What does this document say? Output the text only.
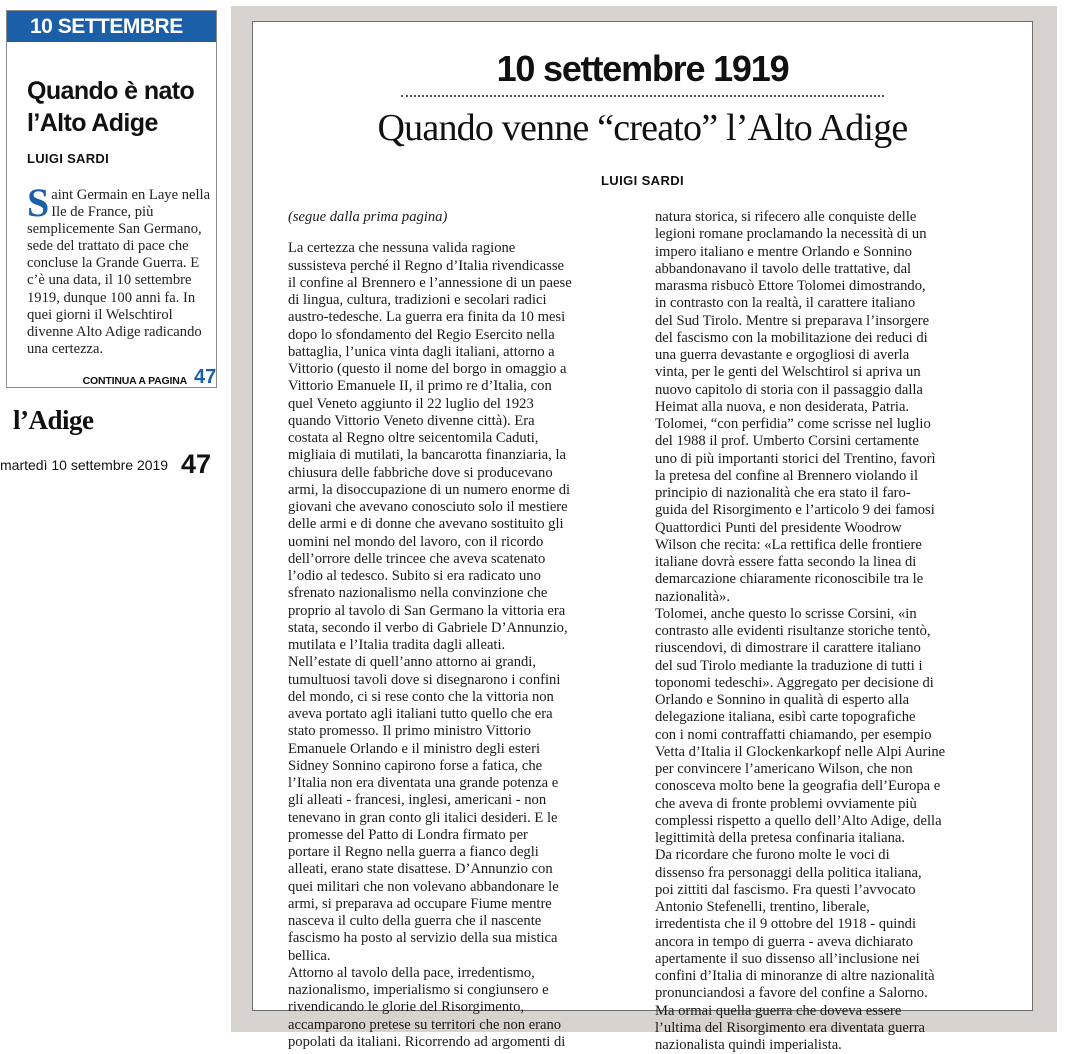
10 SETTEMBRE 1919
Quando è nato l’Alto Adige
LUIGI SARDI

Saint Germain en Laye nella Ile de France, più semplicemente San Germano, sede del trattato di pace che concluse la Grande Guerra. E c’è una data, il 10 settembre 1919, dunque 100 anni fa. In quei giorni il Welschtirol divenne Alto Adige radicando una certezza.

CONTINUA A PAGINA 47
l’Adige
martedì 10 settembre 2019 47
10 settembre 1919
Quando venne “creato” l’Alto Adige
LUIGI SARDI
(segue dalla prima pagina)
La certezza che nessuna valida ragione
sussisteva perché il Regno d’Italia rivendicasse
il confine al Brennero e l’annessione di un paese
di lingua, cultura, tradizioni e secolari radici
austro-tedesche. La guerra era finita da 10 mesi
dopo lo sfondamento del Regio Esercito nella
battaglia, l’unica vinta dagli italiani, attorno a
Vittorio (questo il nome del borgo in omaggio a
Vittorio Emanuele II, il primo re d’Italia, con
quel Veneto aggiunto il 22 luglio del 1923
quando Vittorio Veneto divenne città). Era
costata al Regno oltre seicentomila Caduti,
migliaia di mutilati, la bancarotta finanziaria, la
chiusura delle fabbriche dove si producevano
armi, la disoccupazione di un numero enorme di
giovani che avevano conosciuto solo il mestiere
delle armi e di donne che avevano sostituito gli
uomini nel mondo del lavoro, con il ricordo
dell’orrore delle trincee che aveva scatenato
l’odio al tedesco. Subito si era radicato uno
sfrenato nazionalismo nella convinzione che
proprio al tavolo di San Germano la vittoria era
stata, secondo il verbo di Gabriele D’Annunzio,
mutilata e l’Italia tradita dagli alleati.
Nell’estate di quell’anno attorno ai grandi,
tumultuosi tavoli dove si disegnarono i confini
del mondo, ci si rese conto che la vittoria non
aveva portato agli italiani tutto quello che era
stato promesso. Il primo ministro Vittorio
Emanuele Orlando e il ministro degli esteri
Sidney Sonnino capirono forse a fatica, che
l’Italia non era diventata una grande potenza e
gli alleati - francesi, inglesi, americani - non
tenevano in gran conto gli italici desideri. E le
promesse del Patto di Londra firmato per
portare il Regno nella guerra a fianco degli
alleati, erano state disattese. D’Annunzio con
quei militari che non volevano abbandonare le
armi, si preparava ad occupare Fiume mentre
nasceva il culto della guerra che il nascente
fascismo ha posto al servizio della sua mistica
bellica.
Attorno al tavolo della pace, irredentismo,
nazionalismo, imperialismo si congiunsero e
rivendicando le glorie del Risorgimento,
accamparono pretese su territori che non erano
popolati da italiani. Ricorrendo ad argomenti di
natura storica, si rifecero alle conquiste delle
legioni romane proclamando la necessità di un
impero italiano e mentre Orlando e Sonnino
abbandonavano il tavolo delle trattative, dal
marasma risbucò Ettore Tolomei dimostrando,
in contrasto con la realtà, il carattere italiano
del Sud Tirolo. Mentre si preparava l’insorgere
del fascismo con la mobilitazione dei reduci di
una guerra devastante e orgogliosi di averla
vinta, per le genti del Welschtirol si apriva un
nuovo capitolo di storia con il passaggio dalla
Heimat alla nuova, e non desiderata, Patria.
Tolomei, “con perfidia” come scrisse nel luglio
del 1988 il prof. Umberto Corsini certamente
uno di più importanti storici del Trentino, favorì
la pretesa del confine al Brennero violando il
principio di nazionalità che era stato il faro-
guida del Risorgimento e l’articolo 9 dei famosi
Quattordici Punti del presidente Woodrow
Wilson che recita: «La rettifica delle frontiere
italiane dovrà essere fatta secondo la linea di
demarcazione chiaramente riconoscibile tra le
nazionalità».
Tolomei, anche questo lo scrisse Corsini, «in
contrasto alle evidenti risultanze storiche tentò,
riuscendovi, di dimostrare il carattere italiano
del sud Tirolo mediante la traduzione di tutti i
toponomi tedeschi». Aggregato per decisione di
Orlando e Sonnino in qualità di esperto alla
delegazione italiana, esibì carte topografiche
con i nomi contraffatti chiamando, per esempio
Vetta d’Italia il Glockenkarkopf nelle Alpi Aurine
per convincere l’americano Wilson, che non
conosceva molto bene la geografia dell’Europa e
che aveva di fronte problemi ovviamente più
complessi rispetto a quello dell’Alto Adige, della
legittimità della pretesa confinaria italiana.
Da ricordare che furono molte le voci di
dissenso fra personaggi della politica italiana,
poi zittiti dal fascismo. Fra questi l’avvocato
Antonio Stefenelli, trentino, liberale,
irredentista che il 9 ottobre del 1918 - quindi
ancora in tempo di guerra - aveva dichiarato
apertamente il suo dissenso all’inclusione nei
confini d’Italia di minoranze di altre nazionalità
pronunciandosi a favore del confine a Salorno.
Ma ormai quella guerra che doveva essere
l’ultima del Risorgimento era diventata guerra
nazionalista quindi imperialista.
